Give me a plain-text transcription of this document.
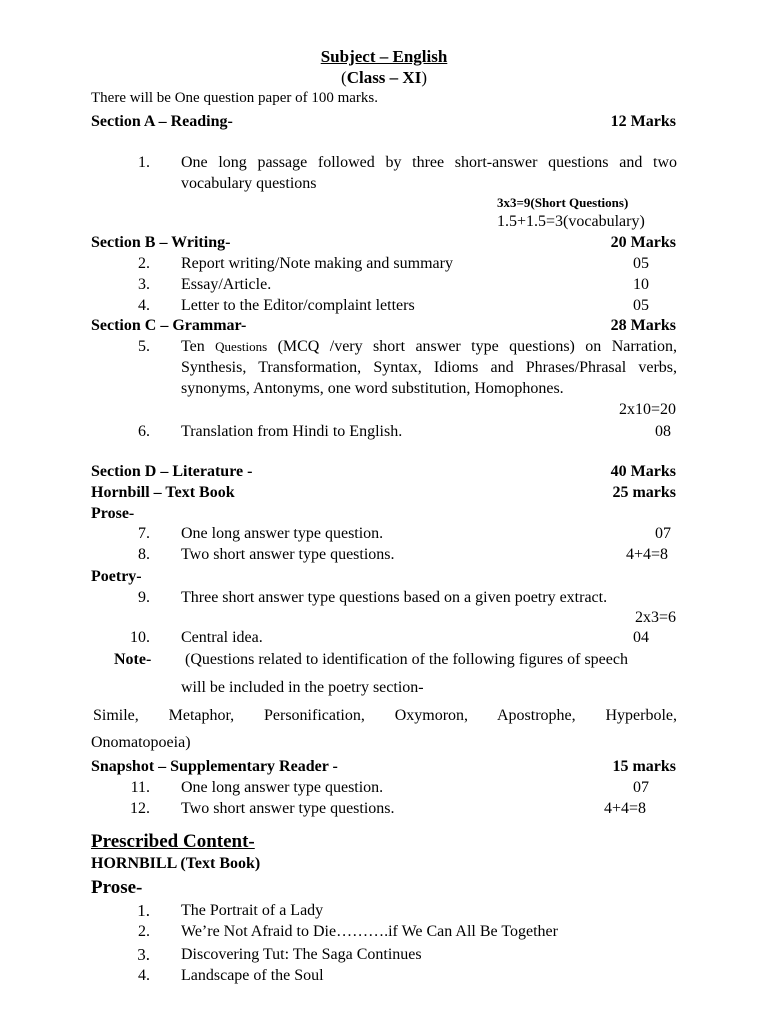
Subject – English
(Class – XI)
There will be One question paper of 100 marks.
Section A – Reading-	12 Marks
1. One long passage followed by three short-answer questions and two
vocabulary questions
3x3=9(Short Questions)
1.5+1.5=3(vocabulary)
Section B – Writing-	20 Marks
2. Report writing/Note making and summary	05
3. Essay/Article.	10
4. Letter to the Editor/complaint letters	05
Section C – Grammar-	28 Marks
5. Ten Questions (MCQ /very short answer type questions) on Narration,
Synthesis, Transformation, Syntax, Idioms and Phrases/Phrasal verbs,
synonyms, Antonyms, one word substitution, Homophones.
2x10=20
6. Translation from Hindi to English.	08
Section D – Literature -	40 Marks
Hornbill – Text Book	25 marks
Prose-
7. One long answer type question.	07
8. Two short answer type questions.	4+4=8
Poetry-
9. Three short answer type questions based on a given poetry extract.
2x3=6
10. Central idea.	04
Note- (Questions related to identification of the following figures of speech
will be included in the poetry section-
Simile, Metaphor, Personification, Oxymoron, Apostrophe, Hyperbole,
Onomatopoeia)
Snapshot – Supplementary Reader -	15 marks
11. One long answer type question.	07
12. Two short answer type questions.	4+4=8
Prescribed Content-
HORNBILL (Text Book)
Prose-
1. The Portrait of a Lady
2. We’re Not Afraid to Die……….if We Can All Be Together
3. Discovering Tut: The Saga Continues
4. Landscape of the Soul
